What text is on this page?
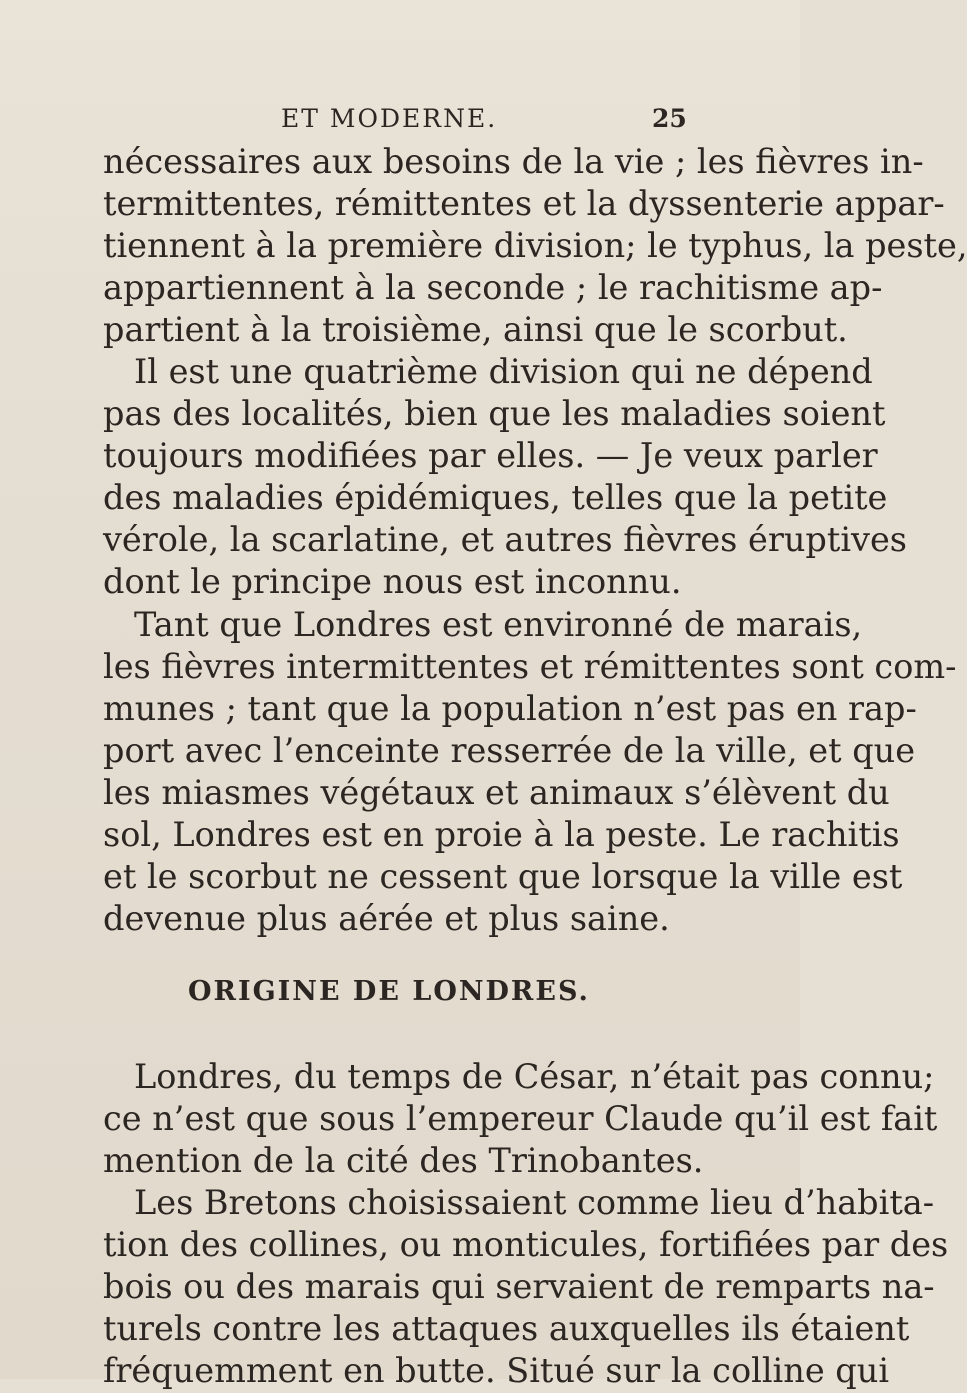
ET MODERNE.	25
nécessaires aux besoins de la vie ; les fièvres in-
termittentes, rémittentes et la dyssenterie appar-
tiennent à la première division; le typhus, la peste,
appartiennent à la seconde ; le rachitisme ap-
partient à la troisième, ainsi que le scorbut.
Il est une quatrième division qui ne dépend
pas des localités, bien que les maladies soient
toujours modifiées par elles. — Je veux parler
des maladies épidémiques, telles que la petite
vérole, la scarlatine, et autres fièvres éruptives
dont le principe nous est inconnu.
Tant que Londres est environné de marais,
les fièvres intermittentes et rémittentes sont com-
munes ; tant que la population n’est pas en rap-
port avec l’enceinte resserrée de la ville, et que
les miasmes végétaux et animaux s’élèvent du
sol, Londres est en proie à la peste. Le rachitis
et le scorbut ne cessent que lorsque la ville est
devenue plus aérée et plus saine.
ORIGINE DE LONDRES.
Londres, du temps de César, n’était pas connu;
ce n’est que sous l’empereur Claude qu’il est fait
mention de la cité des Trinobantes.
Les Bretons choisissaient comme lieu d’habita-
tion des collines, ou monticules, fortifiées par des
bois ou des marais qui servaient de remparts na-
turels contre les attaques auxquelles ils étaient
fréquemment en butte. Situé sur la colline qui
